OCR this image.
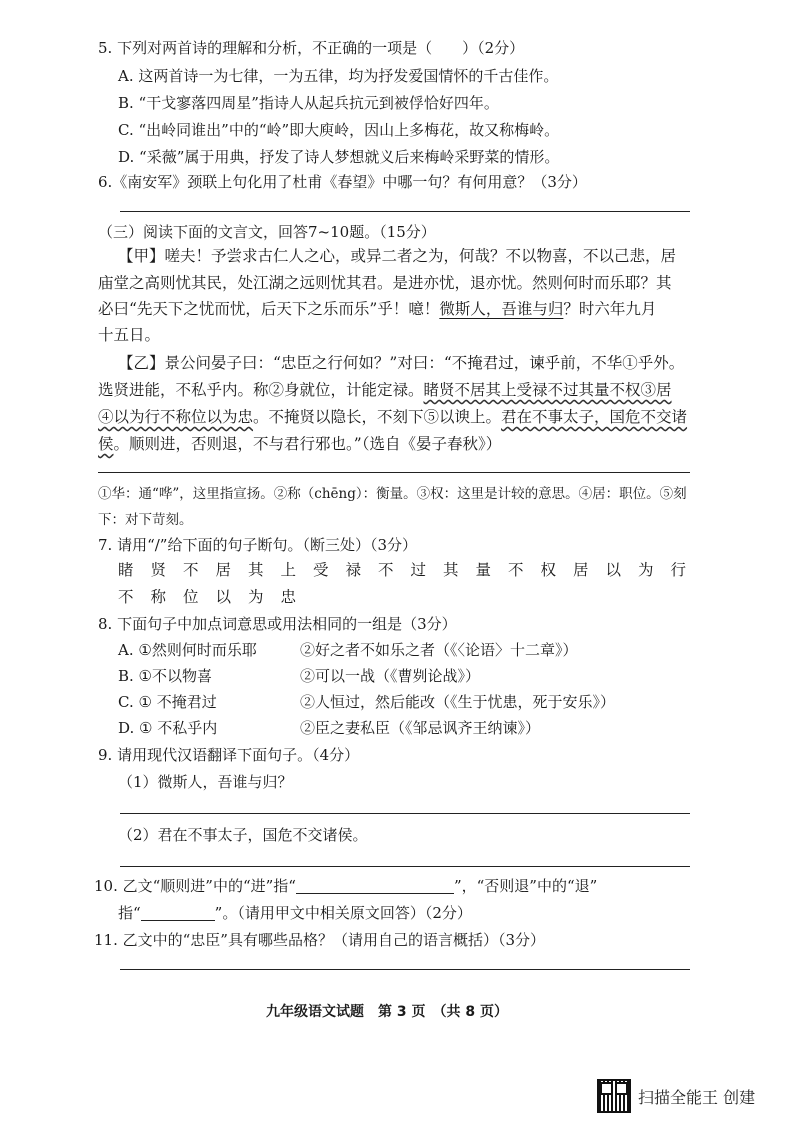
5. 下列对两首诗的理解和分析，不正确的一项是（　　）（2分）
A. 这两首诗一为七律，一为五律，均为抒发爱国情怀的千古佳作。
B. “干戈寥落四周星”指诗人从起兵抗元到被俘恰好四年。
C. “出岭同谁出”中的“岭”即大庾岭，因山上多梅花，故又称梅岭。
D. “采薇”属于用典，抒发了诗人梦想就义后来梅岭采野菜的情形。
6.《南安军》颈联上句化用了杜甫《春望》中哪一句？有何用意？（3分）
（三）阅读下面的文言文，回答7~10题。（15分）
【甲】嗟夫！予尝求古仁人之心，或异二者之为，何哉？不以物喜，不以己悲，居
庙堂之高则忧其民，处江湖之远则忧其君。是进亦忧，退亦忧。然则何时而乐耶？其
必曰“先天下之忧而忧，后天下之乐而乐”乎！噫！微斯人，吾谁与归？时六年九月
十五日。
【乙】景公问晏子曰：“忠臣之行何如？”对曰：“不掩君过，谏乎前，不华①乎外。
选贤进能，不私乎内。称②身就位，计能定禄。睹贤不居其上受禄不过其量不权③居
④以为行不称位以为忠。不掩贤以隐长，不刻下⑤以谀上。君在不事太子，国危不交诸
侯。顺则进，否则退，不与君行邪也。”（选自《晏子春秋》）
①华：通“哗”，这里指宣扬。②称（chēng）：衡量。③权：这里是计较的意思。④居：职位。⑤刻
下：对下苛刻。
7. 请用“/”给下面的句子断句。（断三处）（3分）
睹贤不居其上受禄不过其量不权居以为行
不称位以为忠
8. 下面句子中加点词意思或用法相同的一组是（3分）
A. ①然则何时而乐耶	②好之者不如乐之者（《〈论语〉十二章》）
B. ①不以物喜	②可以一战（《曹刿论战》）
C. ① 不掩君过	②人恒过，然后能改（《生于忧患，死于安乐》）
D. ① 不私乎内	②臣之妻私臣（《邹忌讽齐王纳谏》）
9. 请用现代汉语翻译下面句子。（4分）
（1）微斯人，吾谁与归？
（2）君在不事太子，国危不交诸侯。
10. 乙文“顺则进”中的“进”指“	”，“否则退”中的“退”
指“	”。（请用甲文中相关原文回答）（2分）
11. 乙文中的“忠臣”具有哪些品格？（请用自己的语言概括）（3分）
九年级语文试题　第 3 页　（共 8 页）
扫描全能王 创建
